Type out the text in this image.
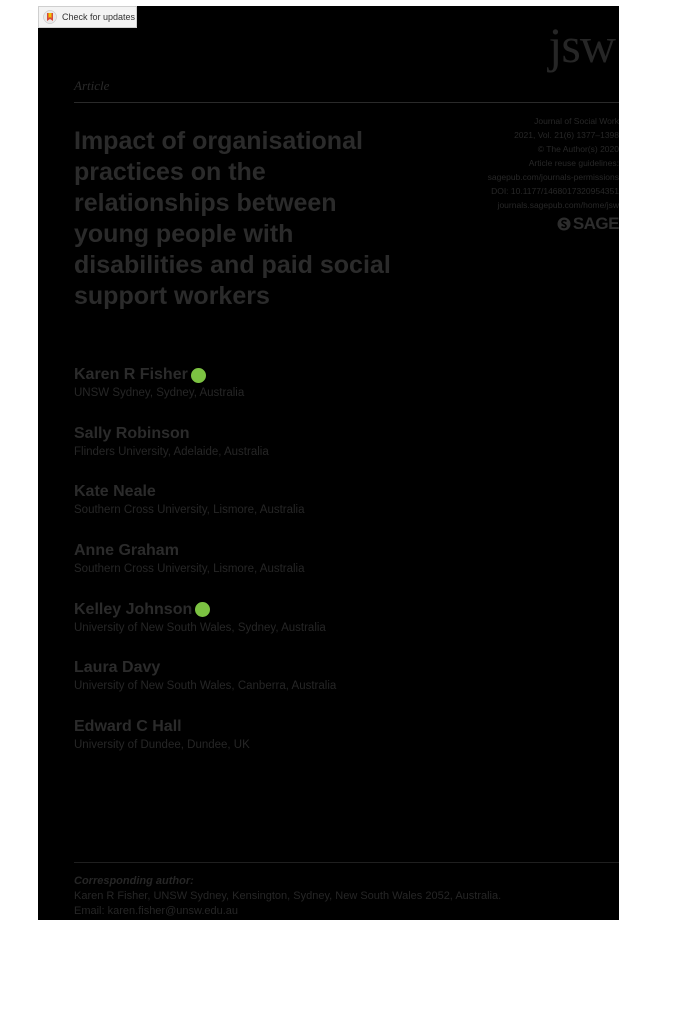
Check for updates	jsw
Article
Journal of Social Work
2021, Vol. 21(6) 1377–1398
© The Author(s) 2020
Article reuse guidelines:
sagepub.com/journals-permissions
DOI: 10.1177/1468017320954351
journals.sagepub.com/home/jsw
SAGE
Impact of organisational practices on the relationships between young people with disabilities and paid social support workers
Karen R Fisher
UNSW Sydney, Sydney, Australia
Sally Robinson
Flinders University, Adelaide, Australia
Kate Neale
Southern Cross University, Lismore, Australia
Anne Graham
Southern Cross University, Lismore, Australia
Kelley Johnson
University of New South Wales, Sydney, Australia
Laura Davy
University of New South Wales, Canberra, Australia
Edward C Hall
University of Dundee, Dundee, UK
Corresponding author:
Karen R Fisher, UNSW Sydney, Kensington, Sydney, New South Wales 2052, Australia.
Email: karen.fisher@unsw.edu.au
